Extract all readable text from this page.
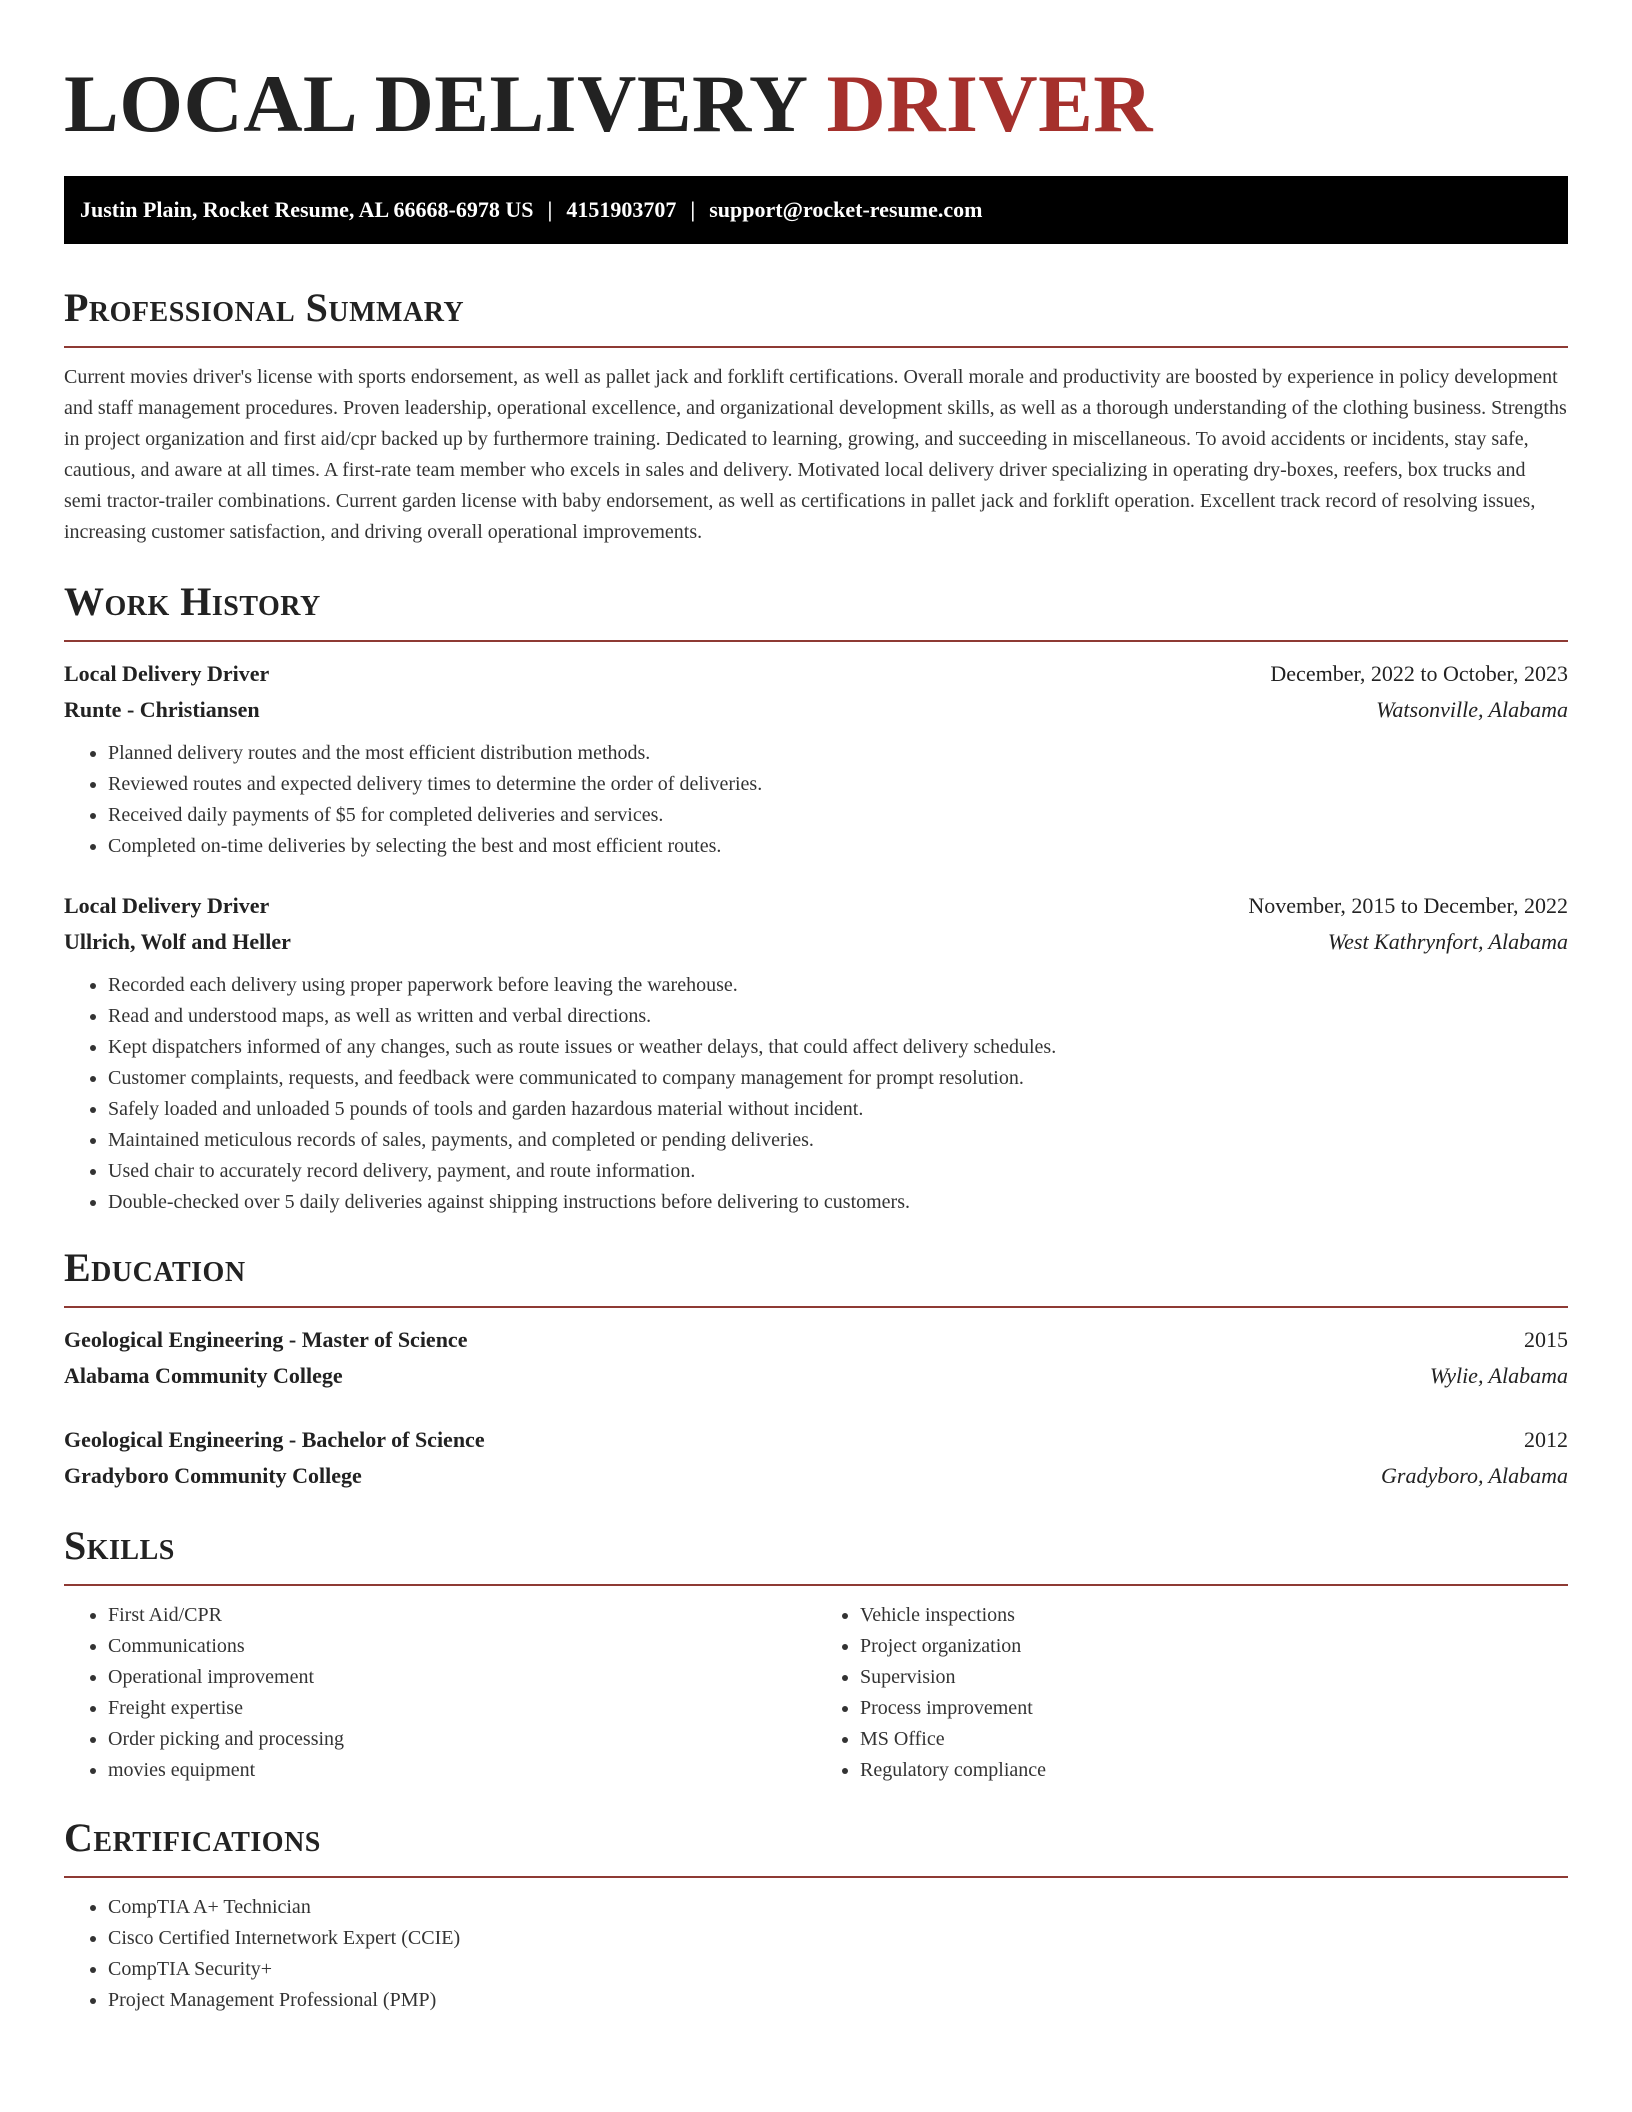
LOCAL DELIVERY DRIVER
Justin Plain, Rocket Resume, AL 66668-6978 US | 4151903707 | support@rocket-resume.com
Professional Summary

Current movies driver's license with sports endorsement, as well as pallet jack and forklift certifications. Overall morale and productivity are boosted by experience in policy development and staff management procedures. Proven leadership, operational excellence, and organizational development skills, as well as a thorough understanding of the clothing business. Strengths in project organization and first aid/cpr backed up by furthermore training. Dedicated to learning, growing, and succeeding in miscellaneous. To avoid accidents or incidents, stay safe, cautious, and aware at all times. A first-rate team member who excels in sales and delivery. Motivated local delivery driver specializing in operating dry-boxes, reefers, box trucks and semi tractor-trailer combinations. Current garden license with baby endorsement, as well as certifications in pallet jack and forklift operation. Excellent track record of resolving issues, increasing customer satisfaction, and driving overall operational improvements.

Work History
Local Delivery Driver	December, 2022 to October, 2023
Runte - Christiansen	Watsonville, Alabama
• Planned delivery routes and the most efficient distribution methods.
• Reviewed routes and expected delivery times to determine the order of deliveries.
• Received daily payments of $5 for completed deliveries and services.
• Completed on-time deliveries by selecting the best and most efficient routes.
Local Delivery Driver	November, 2015 to December, 2022
Ullrich, Wolf and Heller	West Kathrynfort, Alabama
• Recorded each delivery using proper paperwork before leaving the warehouse.
• Read and understood maps, as well as written and verbal directions.
• Kept dispatchers informed of any changes, such as route issues or weather delays, that could affect delivery schedules.
• Customer complaints, requests, and feedback were communicated to company management for prompt resolution.
• Safely loaded and unloaded 5 pounds of tools and garden hazardous material without incident.
• Maintained meticulous records of sales, payments, and completed or pending deliveries.
• Used chair to accurately record delivery, payment, and route information.
• Double-checked over 5 daily deliveries against shipping instructions before delivering to customers.
Education
Geological Engineering - Master of Science	2015
Alabama Community College	Wylie, Alabama
Geological Engineering - Bachelor of Science	2012
Gradyboro Community College	Gradyboro, Alabama
Skills
• First Aid/CPR
• Communications
• Operational improvement
• Freight expertise
• Order picking and processing
• movies equipment
• Vehicle inspections
• Project organization
• Supervision
• Process improvement
• MS Office
• Regulatory compliance
Certifications
• CompTIA A+ Technician
• Cisco Certified Internetwork Expert (CCIE)
• CompTIA Security+
• Project Management Professional (PMP)
